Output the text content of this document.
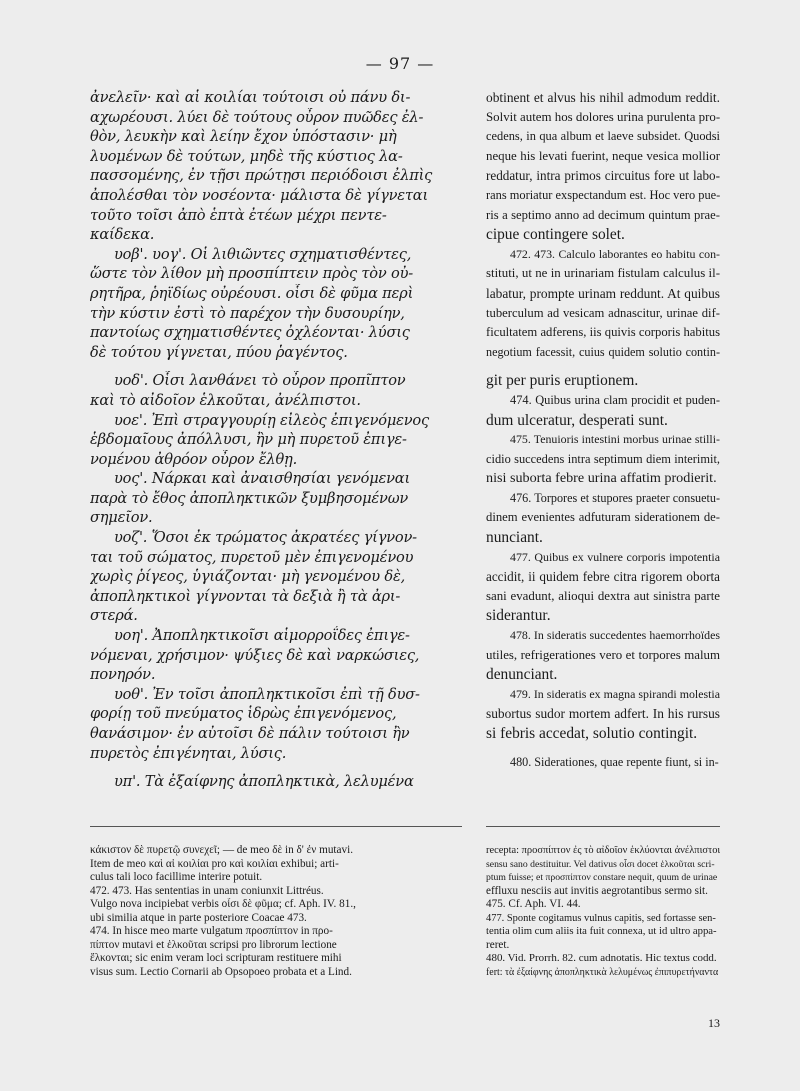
— 97 —
ἀνελεῖν· καὶ αἱ κοιλίαι τούτοισι οὐ πάνυ δι-
αχωρέουσι. λύει δὲ τούτους οὖρον πυῶδες ἐλ-
θὸν, λευκὴν καὶ λείην ἔχον ὑπόστασιν· μὴ
λυομένων δὲ τούτων, μηδὲ τῆς κύστιος λα-
πασσομένης, ἐν τῇσι πρώτῃσι περιόδοισι ἐλπὶς
ἀπολέσθαι τὸν νοσέοντα· μάλιστα δὲ γίγνεται
τοῦτο τοῖσι ἀπὸ ἑπτὰ ἐτέων μέχρι πεντε-
καίδεκα.
υοβ'. υογ'. Οἱ λιθιῶντες σχηματισθέντες,
ὥστε τὸν λίθον μὴ προσπίπτειν πρὸς τὸν οὐ-
ρητῆρα, ῥηϊδίως οὐρέουσι. οἷσι δὲ φῦμα περὶ
τὴν κύστιν ἐστὶ τὸ παρέχον τὴν δυσουρίην,
παντοίως σχηματισθέντες ὀχλέονται· λύσις
δὲ τούτου γίγνεται, πύου ῥαγέντος.
υοδ'. Οἷσι λανθάνει τὸ οὖρον προπῖπτον
καὶ τὸ αἰδοῖον ἑλκοῦται, ἀνέλπιστοι.
υοε'. Ἐπὶ στραγγουρίῃ εἰλεὸς ἐπιγενόμενος
ἑβδομαῖους ἀπόλλυσι, ἢν μὴ πυρετοῦ ἐπιγε-
νομένου ἀθρόον οὖρον ἔλθῃ.
υος'. Νάρκαι καὶ ἀναισθησίαι γενόμεναι
παρὰ τὸ ἔθος ἀποπληκτικῶν ξυμβησομένων
σημεῖον.
υοζ'. Ὅσοι ἐκ τρώματος ἀκρατέες γίγνον-
ται τοῦ σώματος, πυρετοῦ μὲν ἐπιγενομένου
χωρὶς ῥίγεος, ὑγιάζονται· μὴ γενομένου δὲ,
ἀποπληκτικοὶ γίγνονται τὰ δεξιὰ ἢ τὰ ἀρι-
στερά.
υοη'. Ἀποπληκτικοῖσι αἱμορροΐδες ἐπιγε-
νόμεναι, χρήσιμον· ψύξιες δὲ καὶ ναρκώσιες,
πονηρόν.
υοθ'. Ἐν τοῖσι ἀποπληκτικοῖσι ἐπὶ τῇ δυσ-
φορίῃ τοῦ πνεύματος ἱδρὼς ἐπιγενόμενος,
θανάσιμον· ἐν αὐτοῖσι δὲ πάλιν τούτοισι ἢν
πυρετὸς ἐπιγένηται, λύσις.
υπ'. Τὰ ἐξαίφνης ἀποπληκτικὰ, λελυμένα
obtinent et alvus his nihil admodum reddit.
Solvit autem hos dolores urina purulenta pro-
cedens, in qua album et laeve subsidet. Quodsi
neque his levati fuerint, neque vesica mollior
reddatur, intra primos circuitus fore ut labo-
rans moriatur exspectandum est. Hoc vero pue-
ris a septimo anno ad decimum quintum prae-
cipue contingere solet.
472. 473. Calculo laborantes eo habitu con-
stituti, ut ne in urinariam fistulam calculus il-
labatur, prompte urinam reddunt. At quibus
tuberculum ad vesicam adnascitur, urinae dif-
ficultatem adferens, iis quivis corporis habitus
negotium facessit, cuius quidem solutio contin-
git per puris eruptionem.
474. Quibus urina clam procidit et puden-
dum ulceratur, desperati sunt.
475. Tenuioris intestini morbus urinae stilli-
cidio succedens intra septimum diem interimit,
nisi suborta febre urina affatim prodierit.
476. Torpores et stupores praeter consuetu-
dinem evenientes adfuturam siderationem de-
nunciant.
477. Quibus ex vulnere corporis impotentia
accidit, ii quidem febre citra rigorem oborta
sani evadunt, alioqui dextra aut sinistra parte
siderantur.
478. In sideratis succedentes haemorrhoïdes
utiles, refrigerationes vero et torpores malum
denunciant.
479. In sideratis ex magna spirandi molestia
subortus sudor mortem adfert. In his rursus
si febris accedat, solutio contingit.
480. Siderationes, quae repente fiunt, si in-
κάκιστον δὲ πυρετῷ συνεχεῖ; — de meo δὲ in δ' ἐν mutavi.
Item de meo καὶ αἱ κοιλίαι pro καὶ κοιλίαι exhibui; arti-
culus tali loco facillime interire potuit.
472. 473. Has sententias in unam coniunxit Littréus.
Vulgo nova incipiebat verbis οἷσι δὲ φῦμα; cf. Aph. IV. 81.,
ubi similia atque in parte posteriore Coacae 473.
474. In hisce meo marte vulgatum προσπίπτον in προ-
πίπτον mutavi et ἑλκοῦται scripsi pro librorum lectione
ἕλκονται; sic enim veram loci scripturam restituere mihi
visus sum. Lectio Cornarii ab Opsopoeo probata et a Lind.
recepta: προσπίπτον ἐς τὸ αἰδοῖον ἑκλύονται ἀνέλπιστοι
sensu sano destituitur. Vel dativus οἷσι docet ἑλκοῦται scri-
ptum fuisse; et προσπίπτον constare nequit, quum de urinae
effluxu nesciis aut invitis aegrotantibus sermo sit.
475. Cf. Aph. VI. 44.
477. Sponte cogitamus vulnus capitis, sed fortasse sen-
tentia olim cum aliis ita fuit connexa, ut id ultro appa-
reret.
480. Vid. Prorrh. 82. cum adnotatis. Hic textus codd.
fert: τὰ ἐξαίφνης ἀποπληκτικὰ λελυμένως ἐπιπυρετήναντα
13
